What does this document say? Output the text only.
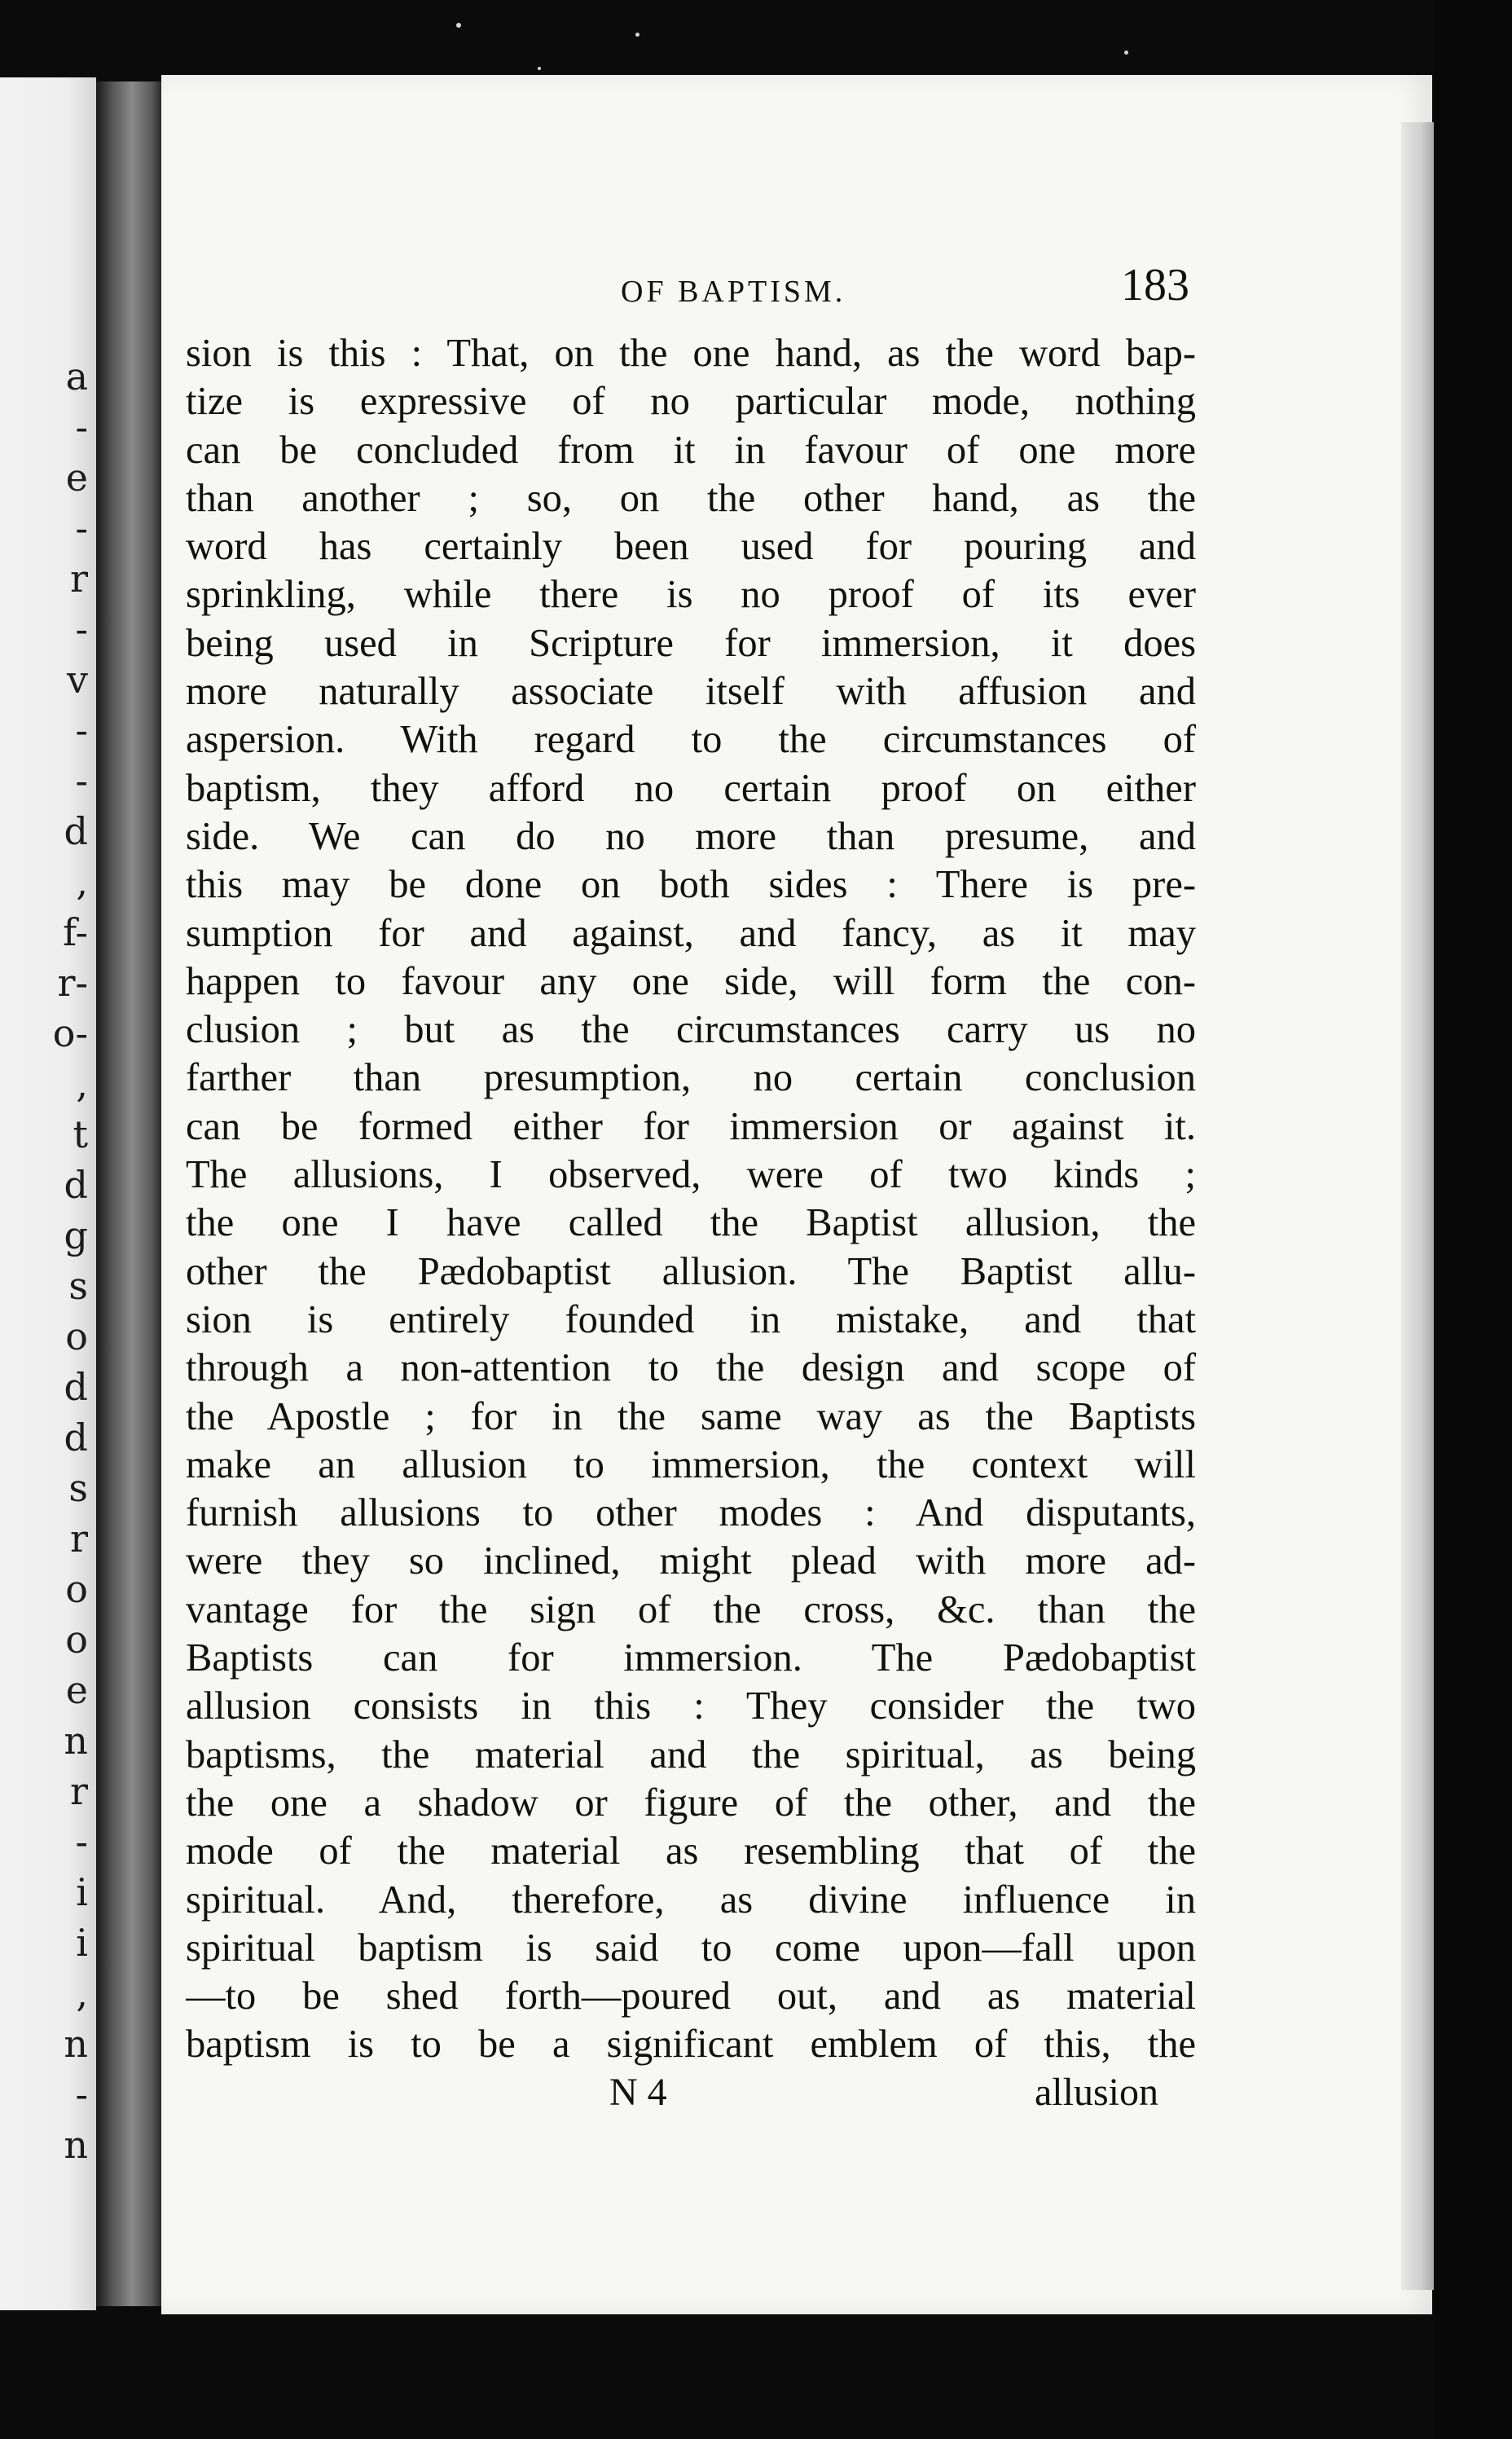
a
-
e
-
r
-
v
-
-
d
,
f-
r-
o-
,
t
d
g
s
o
d
d
s
r
o
o
e
n
r
-
i
i
,
n
-
n
OF BAPTISM.	183
sion is this : That, on the one hand, as the word bap-
tize is expressive of no particular mode, nothing
can be concluded from it in favour of one more
than another ; so, on the other hand, as the
word has certainly been used for pouring and
sprinkling, while there is no proof of its ever
being used in Scripture for immersion, it does
more naturally associate itself with affusion and
aspersion. With regard to the circumstances of
baptism, they afford no certain proof on either
side. We can do no more than presume, and
this may be done on both sides : There is pre-
sumption for and against, and fancy, as it may
happen to favour any one side, will form the con-
clusion ; but as the circumstances carry us no
farther than presumption, no certain conclusion
can be formed either for immersion or against it.
The allusions, I observed, were of two kinds ;
the one I have called the Baptist allusion, the
other the Pædobaptist allusion. The Baptist allu-
sion is entirely founded in mistake, and that
through a non-attention to the design and scope of
the Apostle ; for in the same way as the Baptists
make an allusion to immersion, the context will
furnish allusions to other modes : And disputants,
were they so inclined, might plead with more ad-
vantage for the sign of the cross, &c. than the
Baptists can for immersion. The Pædobaptist
allusion consists in this : They consider the two
baptisms, the material and the spiritual, as being
the one a shadow or figure of the other, and the
mode of the material as resembling that of the
spiritual. And, therefore, as divine influence in
spiritual baptism is said to come upon—fall upon
—to be shed forth—poured out, and as material
baptism is to be a significant emblem of this, the
N 4	allusion
